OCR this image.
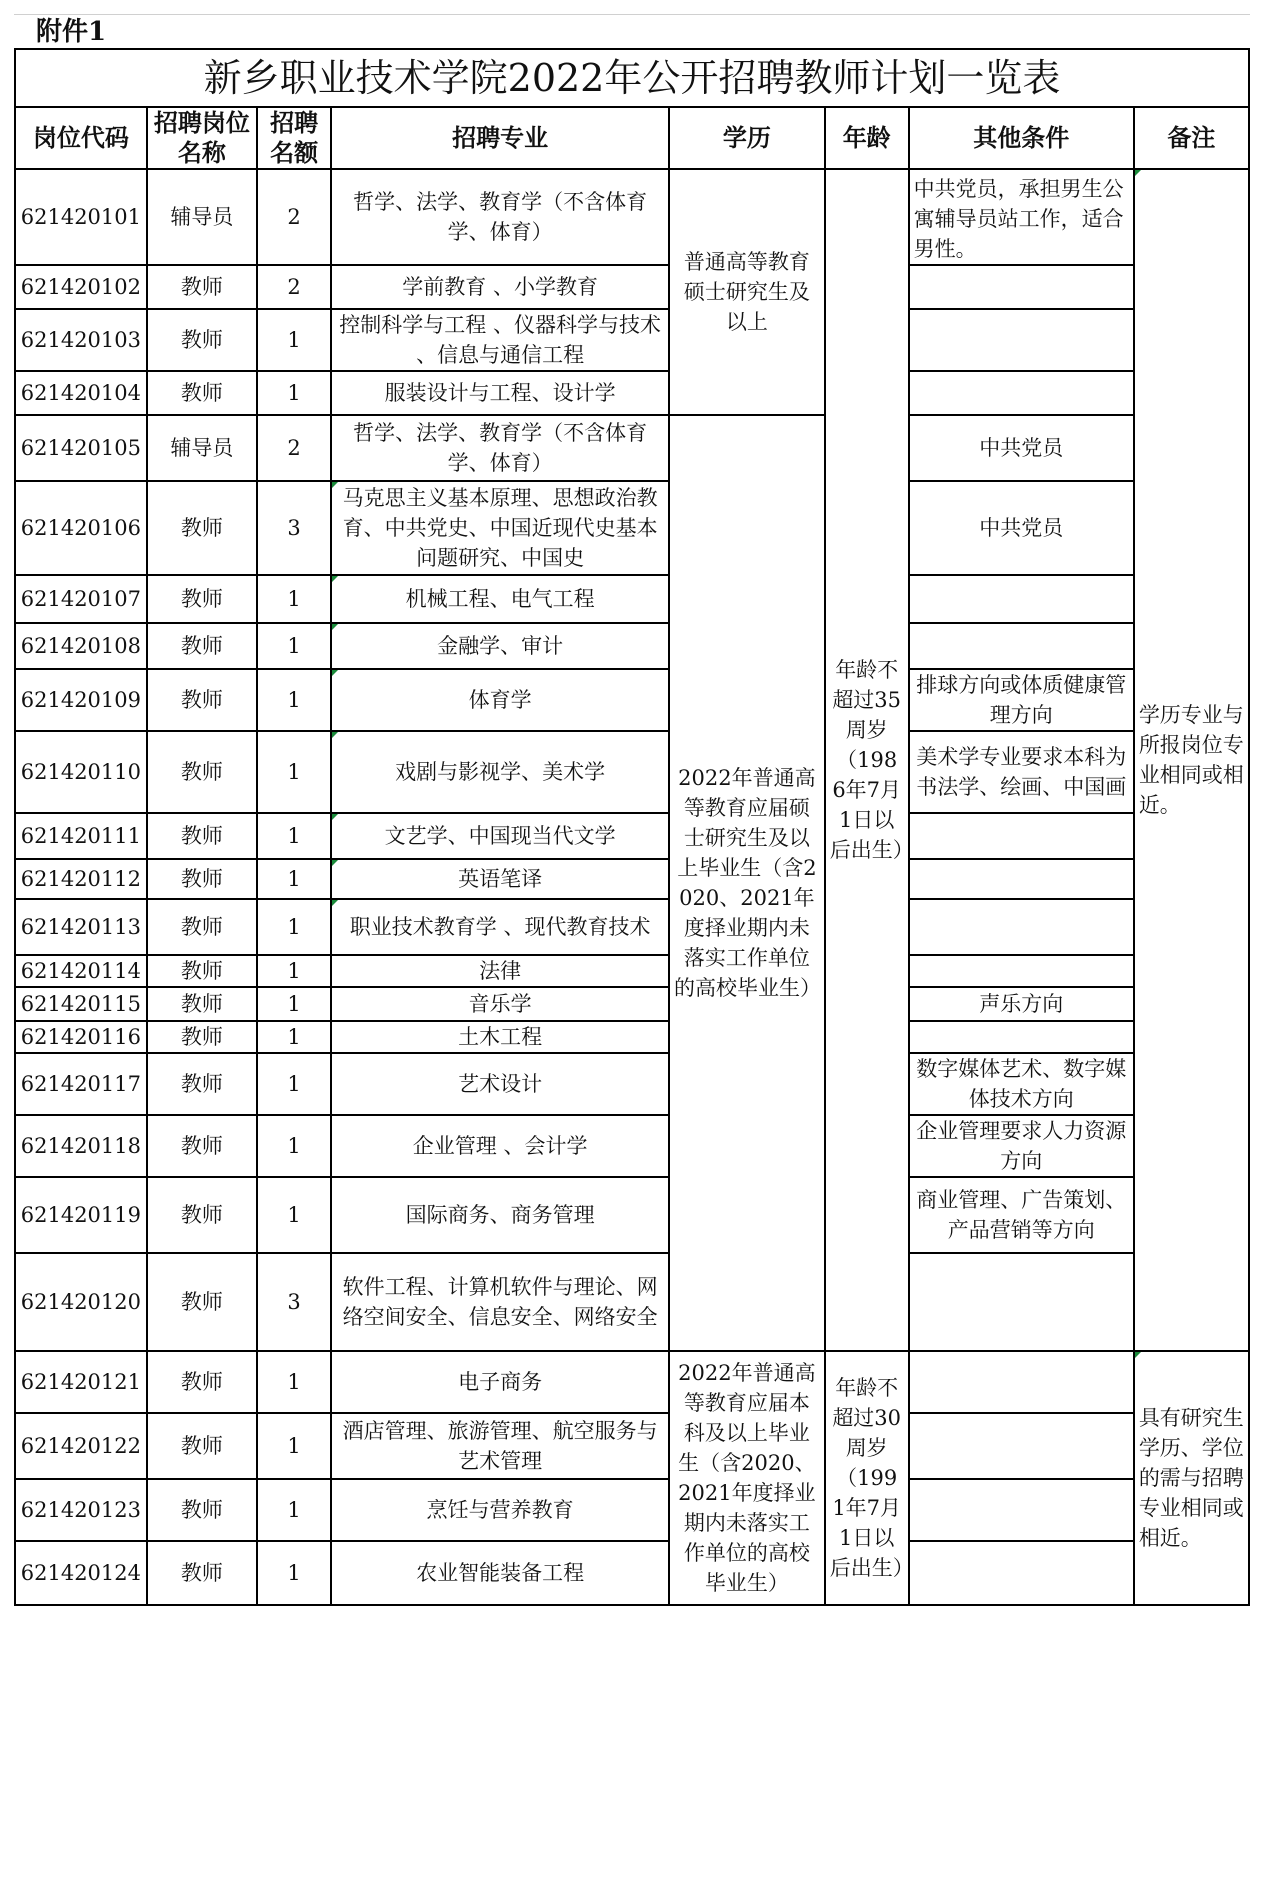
附件1
新乡职业技术学院2022年公开招聘教师计划一览表							
岗位代码	招聘岗位名称	招聘名额	招聘专业	学历	年龄	其他条件	备注
621420101	辅导员	2	哲学、法学、教育学（不含体育学、体育）	普通高等教育硕士研究生及以上	年龄不超过35周岁（1986年7月1日以后出生）	中共党员，承担男生公寓辅导员站工作，适合男性。	学历专业与所报岗位专业相同或相近。
621420102	教师	2	学前教育 、小学教育				
621420103	教师	1	控制科学与工程 、仪器科学与技术 、信息与通信工程				
621420104	教师	1	服装设计与工程、设计学				
621420105	辅导员	2	哲学、法学、教育学（不含体育学、体育）	2022年普通高等教育应届硕士研究生及以上毕业生（含2020、2021年度择业期内未落实工作单位的高校毕业生）		中共党员	
621420106	教师	3	马克思主义基本原理、思想政治教育、中共党史、中国近现代史基本问题研究、中国史			中共党员	
621420107	教师	1	机械工程、电气工程				
621420108	教师	1	金融学、审计				
621420109	教师	1	体育学			排球方向或体质健康管理方向	
621420110	教师	1	戏剧与影视学、美术学			美术学专业要求本科为书法学、绘画、中国画	
621420111	教师	1	文艺学、中国现当代文学				
621420112	教师	1	英语笔译				
621420113	教师	1	职业技术教育学 、现代教育技术				
621420114	教师	1	法律				
621420115	教师	1	音乐学			声乐方向	
621420116	教师	1	土木工程				
621420117	教师	1	艺术设计			数字媒体艺术、数字媒体技术方向	
621420118	教师	1	企业管理 、会计学			企业管理要求人力资源方向	
621420119	教师	1	国际商务、商务管理			商业管理、广告策划、产品营销等方向	
621420120	教师	3	软件工程、计算机软件与理论、网络空间安全、信息安全、网络安全				
621420121	教师	1	电子商务	2022年普通高等教育应届本科及以上毕业生（含2020、2021年度择业期内未落实工作单位的高校毕业生）	年龄不超过30周岁（1991年7月1日以后出生）		具有研究生学历、学位的需与招聘专业相同或相近。
621420122	教师	1	酒店管理、旅游管理、航空服务与艺术管理				
621420123	教师	1	烹饪与营养教育				
621420124	教师	1	农业智能装备工程				
